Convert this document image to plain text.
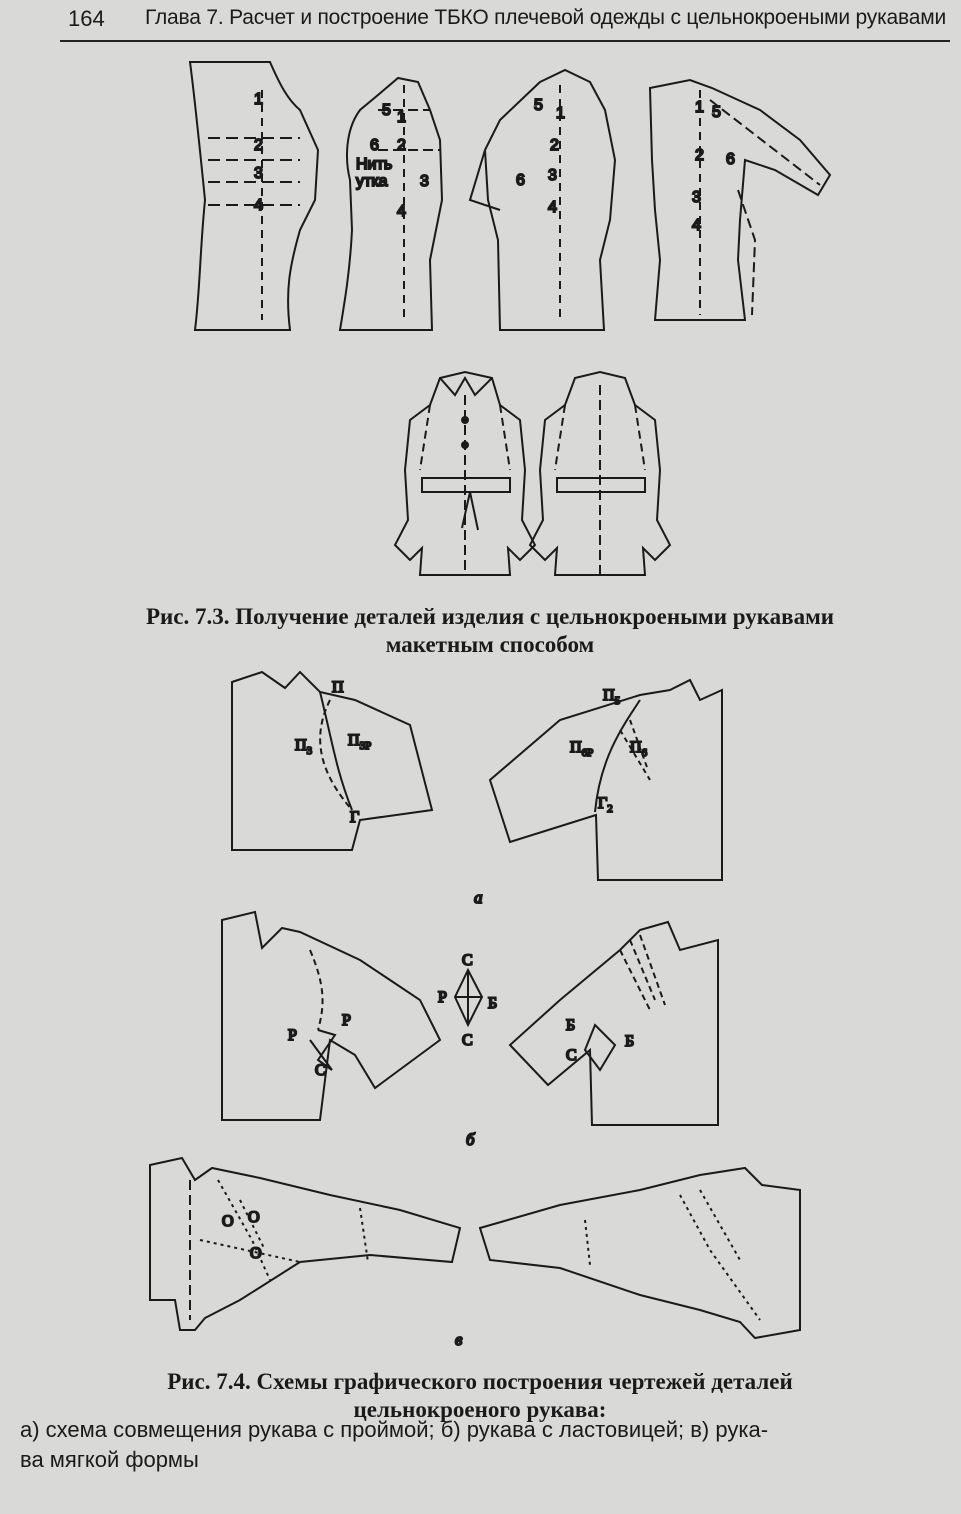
164 Глава 7. Расчет и построение ТБКО плечевой одежды с цельнокроеными рукавами
1
2
3
4
5 1
6 2
Нить
утка 3
4
5 1
2
6 3
4
1 5
2 6
3
4
П
$П_3$
$П_{3Р}$
Г
$П_5$
$П_{6Р}$ $П_6$
$Г_2$
а
Р
Р
С
С
Р	Б
С
Б
Б
С
б
О О
О
в
Рис. 7.3. Получение деталей изделия с цельнокроеными рукавами
макетным способом
Рис. 7.4. Схемы графического построения чертежей деталей
цельнокроеного рукава:
а) схема совмещения рукава с проймой; б) рукава с ластовицей; в) рука-
ва мягкой формы
